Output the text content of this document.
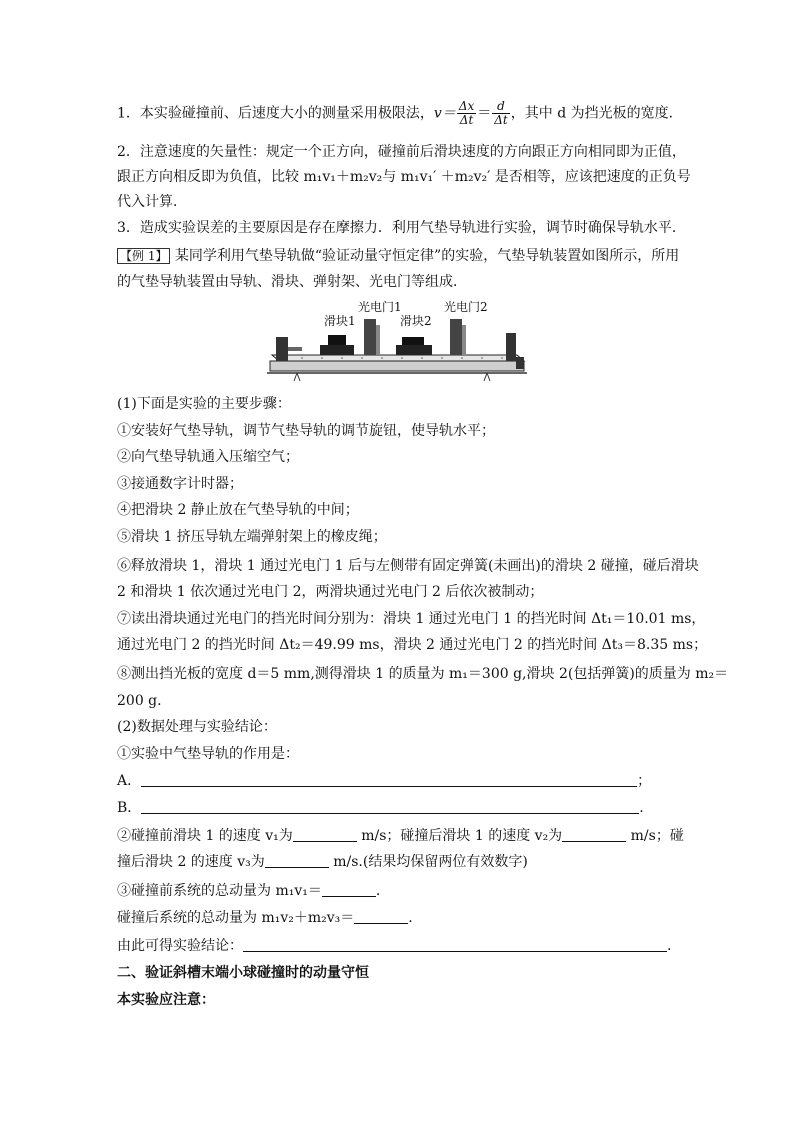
1．本实验碰撞前、后速度大小的测量采用极限法，$v= \frac{\Delta x}{\Delta t} = \frac{d}{\Delta t}$ ，其中 d 为挡光板的宽度．
2．注意速度的矢量性：规定一个正方向，碰撞前后滑块速度的方向跟正方向相同即为正值，
跟正方向相反即为负值，比较 m₁v₁＋m₂v₂与 m₁v₁′ ＋m₂v₂′ 是否相等，应该把速度的正负号
代入计算．
3．造成实验误差的主要原因是存在摩擦力．利用气垫导轨进行实验，调节时确保导轨水平．
【例 1】 某同学利用气垫导轨做“验证动量守恒定律”的实验，气垫导轨装置如图所示，所用
的气垫导轨装置由导轨、滑块、弹射架、光电门等组成．
滑块1
光电门1
滑块2
光电门2
(1)下面是实验的主要步骤：
①安装好气垫导轨，调节气垫导轨的调节旋钮，使导轨水平；
②向气垫导轨通入压缩空气；
③接通数字计时器；
④把滑块 2 静止放在气垫导轨的中间；
⑤滑块 1 挤压导轨左端弹射架上的橡皮绳；
⑥释放滑块 1，滑块 1 通过光电门 1 后与左侧带有固定弹簧(未画出)的滑块 2 碰撞，碰后滑块
2 和滑块 1 依次通过光电门 2，两滑块通过光电门 2 后依次被制动；
⑦读出滑块通过光电门的挡光时间分别为：滑块 1 通过光电门 1 的挡光时间 Δt₁＝10.01 ms，
通过光电门 2 的挡光时间 Δt₂＝49.99 ms，滑块 2 通过光电门 2 的挡光时间 Δt₃＝8.35 ms；
⑧测出挡光板的宽度 d＝5 mm,测得滑块 1 的质量为 m₁＝300 g,滑块 2(包括弹簧)的质量为 m₂＝
200 g.
(2)数据处理与实验结论：
①实验中气垫导轨的作用是：
A．	；
B．	.
②碰撞前滑块 1 的速度 v₁为	m/s；碰撞后滑块 1 的速度 v₂为	m/s；碰
撞后滑块 2 的速度 v₃为	m/s.(结果均保留两位有效数字)
③碰撞前系统的总动量为 m₁v₁＝	.
碰撞后系统的总动量为 m₁v₂＋m₂v₃＝	.
由此可得实验结论：	.
二、验证斜槽末端小球碰撞时的动量守恒
本实验应注意：
